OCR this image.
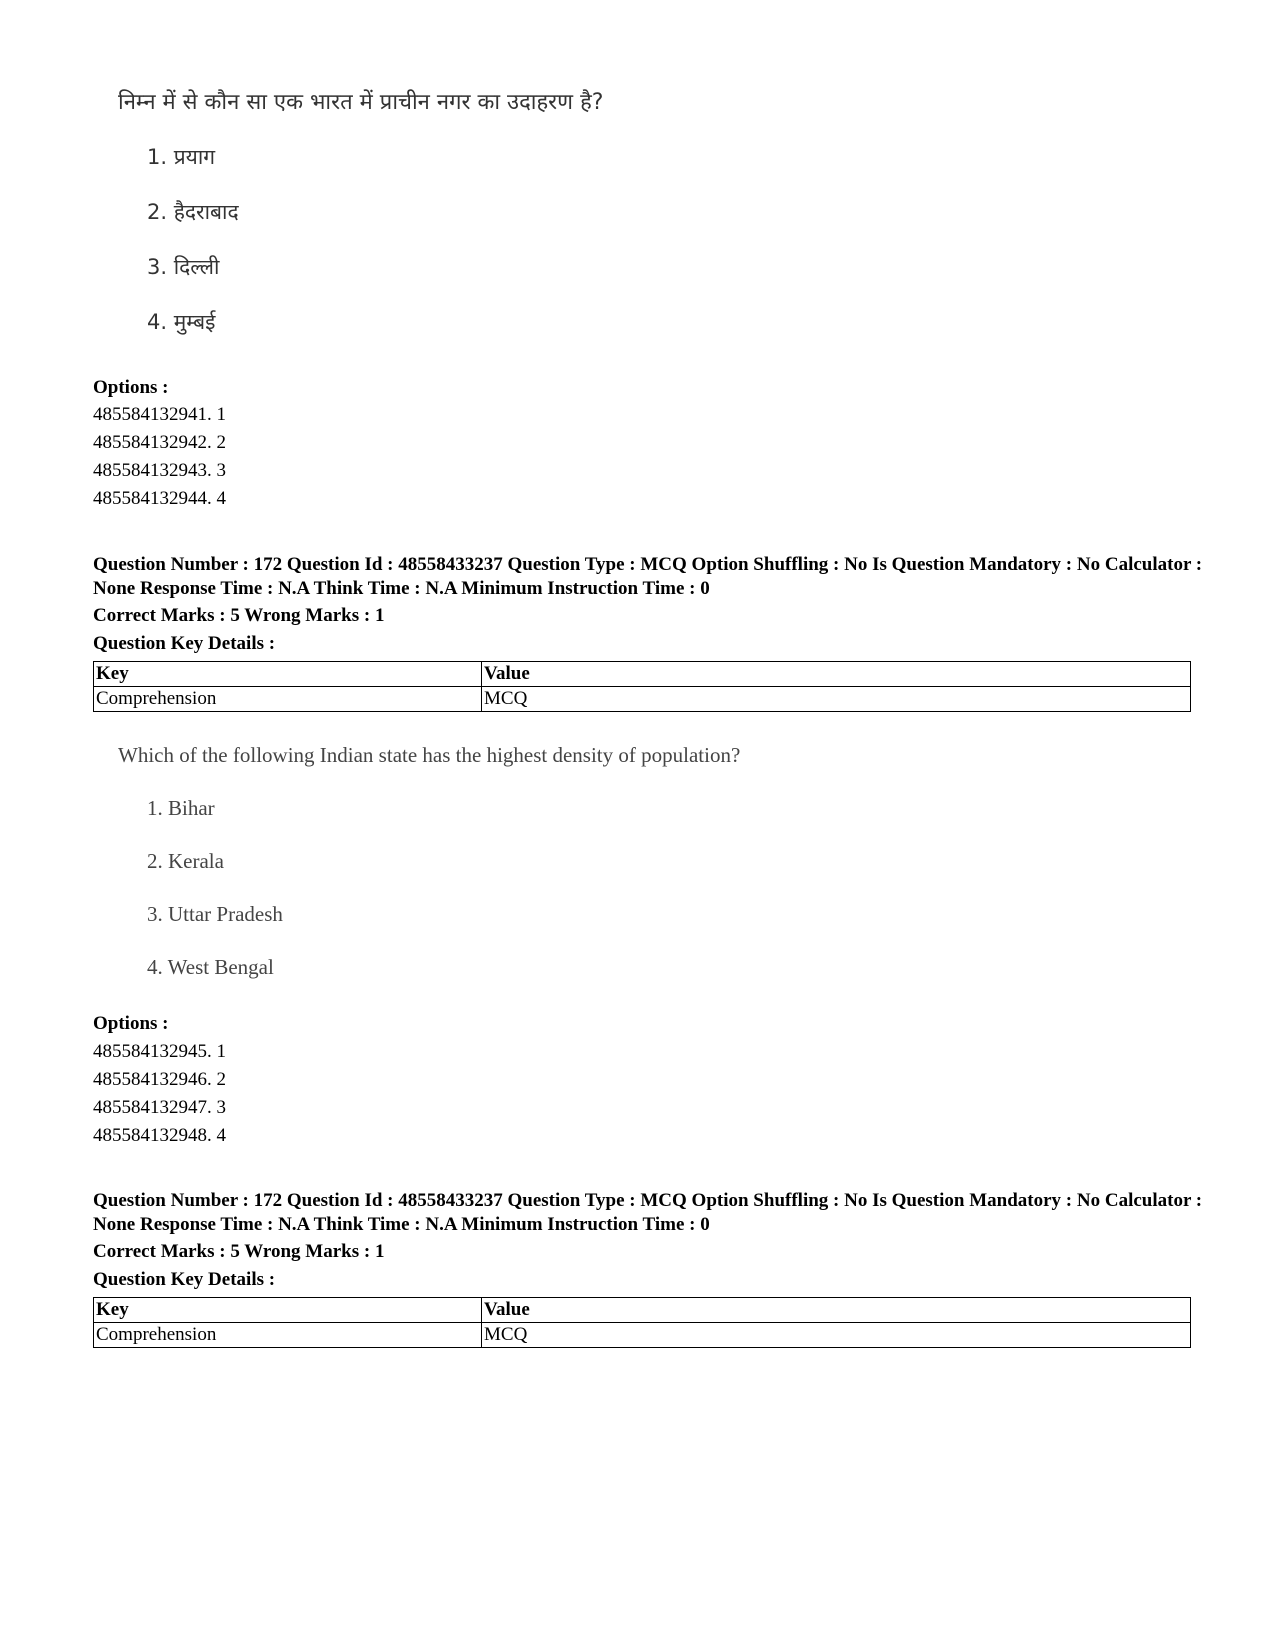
निम्न में से कौन सा एक भारत में प्राचीन नगर का उदाहरण है?
1. प्रयाग
2. हैदराबाद
3. दिल्ली
4. मुम्बई
Options :
485584132941. 1
485584132942. 2
485584132943. 3
485584132944. 4
Question Number : 172 Question Id : 48558433237 Question Type : MCQ Option Shuffling : No Is Question Mandatory : No Calculator : None Response Time : N.A Think Time : N.A Minimum Instruction Time : 0
Correct Marks : 5 Wrong Marks : 1
Question Key Details :
Key	Value
Comprehension	MCQ
Which of the following Indian state has the highest density of population?
1. Bihar
2. Kerala
3. Uttar Pradesh
4. West Bengal
Options :
485584132945. 1
485584132946. 2
485584132947. 3
485584132948. 4
Question Number : 172 Question Id : 48558433237 Question Type : MCQ Option Shuffling : No Is Question Mandatory : No Calculator : None Response Time : N.A Think Time : N.A Minimum Instruction Time : 0
Correct Marks : 5 Wrong Marks : 1
Question Key Details :
Key	Value
Comprehension	MCQ
